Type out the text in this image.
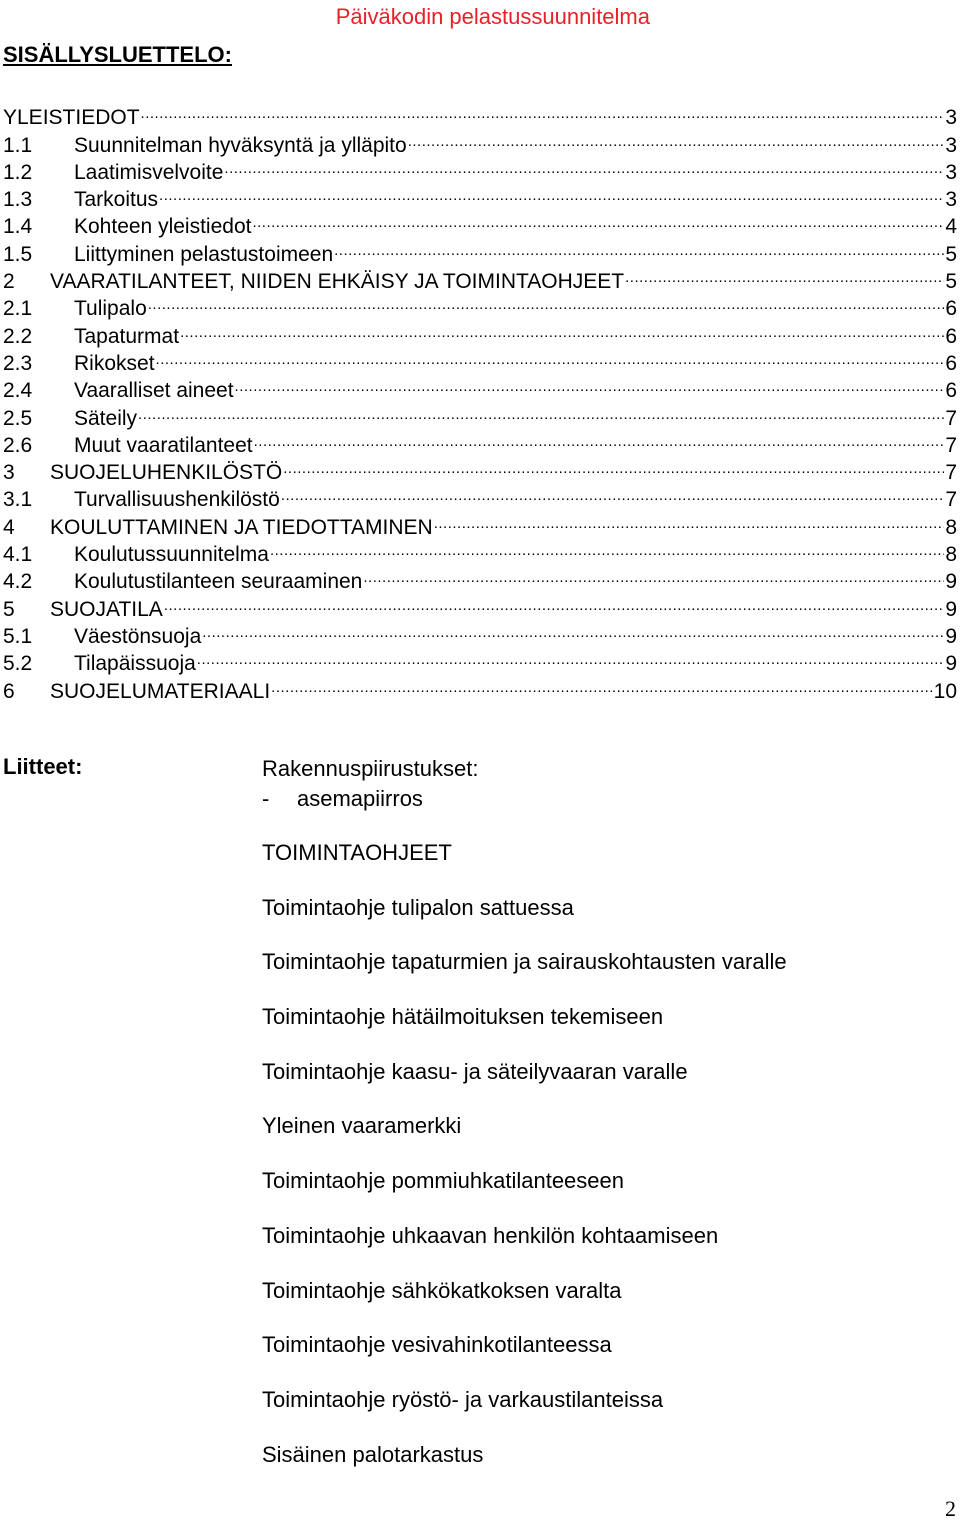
Päiväkodin pelastussuunnitelma
SISÄLLYSLUETTELO:
YLEISTIEDOT .....	3
1.1	Suunnitelman hyväksyntä ja ylläpito .....	3
1.2	Laatimisvelvoite .....	3
1.3	Tarkoitus .....	3
1.4	Kohteen yleistiedot .....	4
1.5	Liittyminen pelastustoimeen .....	5
2	VAARATILANTEET, NIIDEN EHKÄISY JA TOIMINTAOHJEET .....	5
2.1	Tulipalo .....	6
2.2	Tapaturmat .....	6
2.3	Rikokset .....	6
2.4	Vaaralliset aineet .....	6
2.5	Säteily .....	7
2.6	Muut vaaratilanteet .....	7
3	SUOJELUHENKILÖSTÖ .....	7
3.1	Turvallisuushenkilöstö .....	7
4	KOULUTTAMINEN JA TIEDOTTAMINEN .....	8
4.1	Koulutussuunnitelma .....	8
4.2	Koulutustilanteen seuraaminen .....	9
5	SUOJATILA .....	9
5.1	Väestönsuoja .....	9
5.2	Tilapäissuoja .....	9
6	SUOJELUMATERIAALI .....	10
Liitteet:	Rakennuspiirustukset:
- asemapiirros
TOIMINTAOHJEET
Toimintaohje tulipalon sattuessa
Toimintaohje tapaturmien ja sairauskohtausten varalle
Toimintaohje hätäilmoituksen tekemiseen
Toimintaohje kaasu- ja säteilyvaaran varalle
Yleinen vaaramerkki
Toimintaohje pommiuhkatilanteeseen
Toimintaohje uhkaavan henkilön kohtaamiseen
Toimintaohje sähkökatkoksen varalta
Toimintaohje vesivahinkotilanteessa
Toimintaohje ryöstö- ja varkaustilanteissa
Sisäinen palotarkastus
2
